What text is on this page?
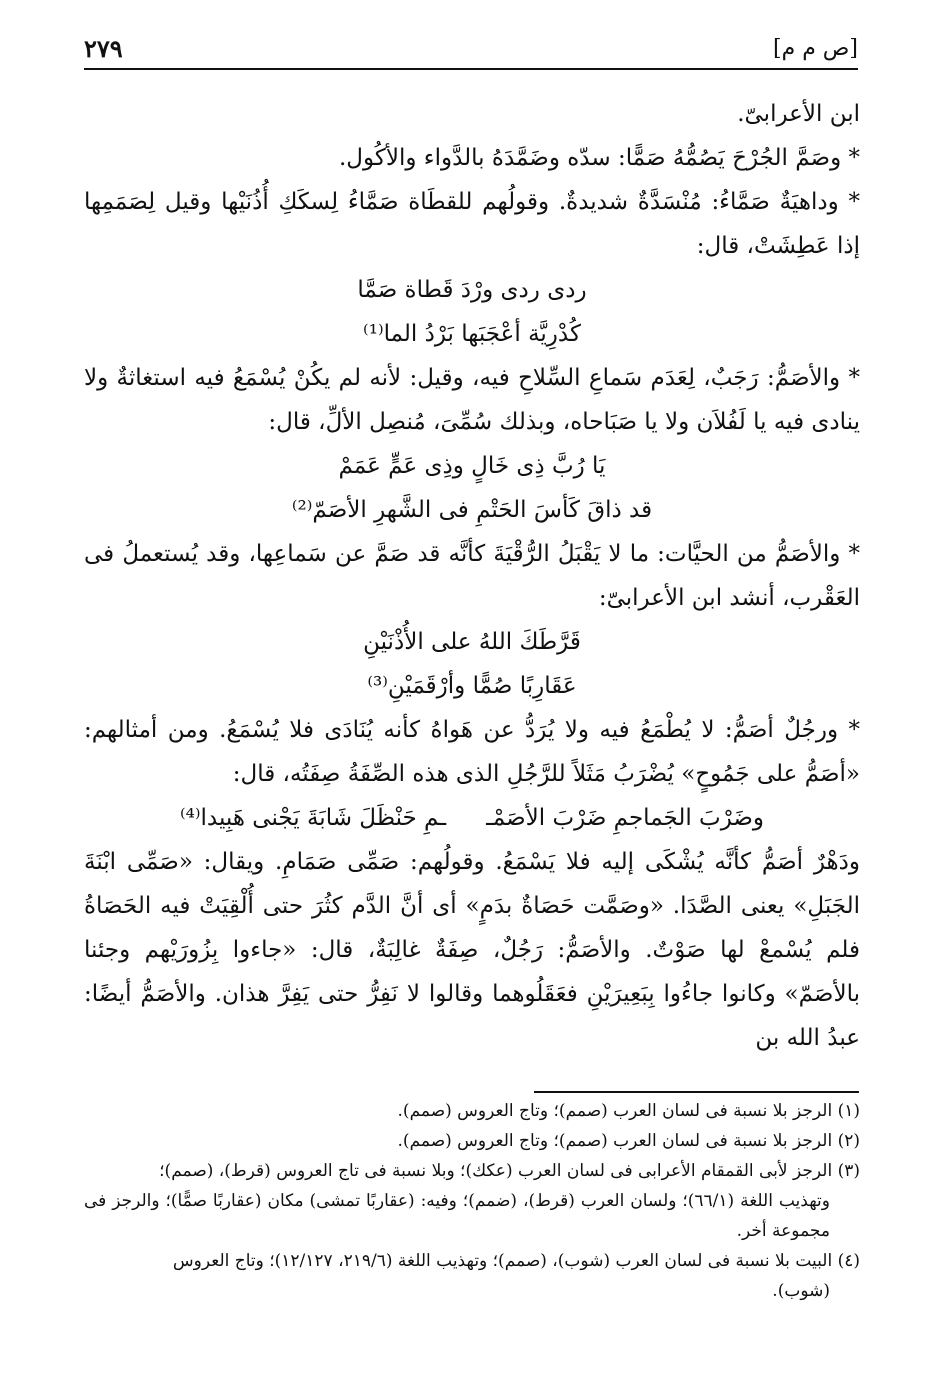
٢٧٩	[ص م م]

ابن الأعرابىّ.

* وصَمَّ الجُرْحَ يَصُمُّهُ صَمًّا: سدّه وضَمَّدَهُ بالدَّواء والأكُول.

* وداهيَةٌ صَمَّاءُ: مُنْسَدَّةٌ شديدةٌ. وقولُهم للقطَاة صَمَّاءُ لِسكَكِ أُذُنَيْها وقيل لِصَمَمِها إذا عَطِشَتْ، قال:

ردى ردى ورْدَ قَطاة صَمَّا

كُدْرِيَّة أعْجَبَها بَرْدُ الما⁽¹⁾

* والأصَمُّ: رَجَبٌ، لِعَدَم سَماعِ السِّلاحِ فيه، وقيل: لأنه لم يكُنْ يُسْمَعُ فيه استغاثةٌ ولا ينادى فيه يا لَفُلاَن ولا يا صَبَاحاه، وبذلك سُمِّىَ، مُنصِل الألِّ، قال:

يَا رُبَّ ذِى خَالٍ وذِى عَمٍّ عَمَمْ

قد ذاقَ كَأسَ الحَتْمِ فى الشَّهرِ الأصَمّ⁽²⁾

* والأصَمُّ من الحيَّات: ما لا يَقْبَلُ الرُّقْيَةَ كأنَّه قد صَمَّ عن سَماعِها، وقد يُستعملُ فى العَقْرب، أنشد ابن الأعرابىّ:

قَرَّطَكَ اللهُ على الأُذْنَيْنِ

عَقَارِبًا صُمًّا وأرْقَمَيْنِ⁽³⁾

* ورجُلٌ أصَمُّ: لا يُطْمَعُ فيه ولا يُرَدُّ عن هَواهُ كأنه يُنَادَى فلا يُسْمَعُ. ومن أمثالهم: «أصَمُّ على جَمُوحٍ» يُضْرَبُ مَثَلاً للرَّجُلِ الذى هذه الصِّفَةُ صِفَتُه، قال:

وضَرْبَ الجَماجمِ ضَرْبَ الأصَمْـ
ـمِ حَنْظَلَ شَابَةَ يَجْنى هَبِيدا⁽⁴⁾

ودَهْرٌ أصَمُّ كأنَّه يُشْكَى إليه فلا يَسْمَعُ. وقولُهم: صَمِّى صَمَامِ. ويقال: «صَمِّى ابْنَةَ الجَبَلِ» يعنى الصَّدَا. «وصَمَّت حَصَاةٌ بدَمٍ» أى أنَّ الدَّم كثُرَ حتى أُلْقِيَتْ فيه الحَصَاةُ فلم يُسْمعْ لها صَوْتٌ. والأصَمُّ: رَجُلٌ، صِفَةٌ غالِبَةٌ، قال: «جاءوا بِزُورَيْهم وجئنا بالأصَمّ» وكانوا جاءُوا بِبَعِيرَيْنِ فعَقَلُوهما وقالوا لا نَفِرُّ حتى يَفِرَّ هذان. والأصَمُّ أيضًا: عبدُ الله بن

(١) الرجز بلا نسبة فى لسان العرب (صمم)؛ وتاج العروس (صمم).

(٢) الرجز بلا نسبة فى لسان العرب (صمم)؛ وتاج العروس (صمم).

(٣) الرجز لأبى القمقام الأعرابى فى لسان العرب (عكك)؛ وبلا نسبة فى تاج العروس (قرط)، (صمم)؛

وتهذيب اللغة (٦٦/١)؛ ولسان العرب (قرط)، (ضمم)؛ وفيه: (عقاربًا تمشى) مكان (عقاربًا صمًّا)؛ والرجز فى مجموعة أخر.

(٤) البيت بلا نسبة فى لسان العرب (شوب)، (صمم)؛ وتهذيب اللغة (٢١٩/٦، ١٢/١٢٧)؛ وتاج العروس

(شوب).
